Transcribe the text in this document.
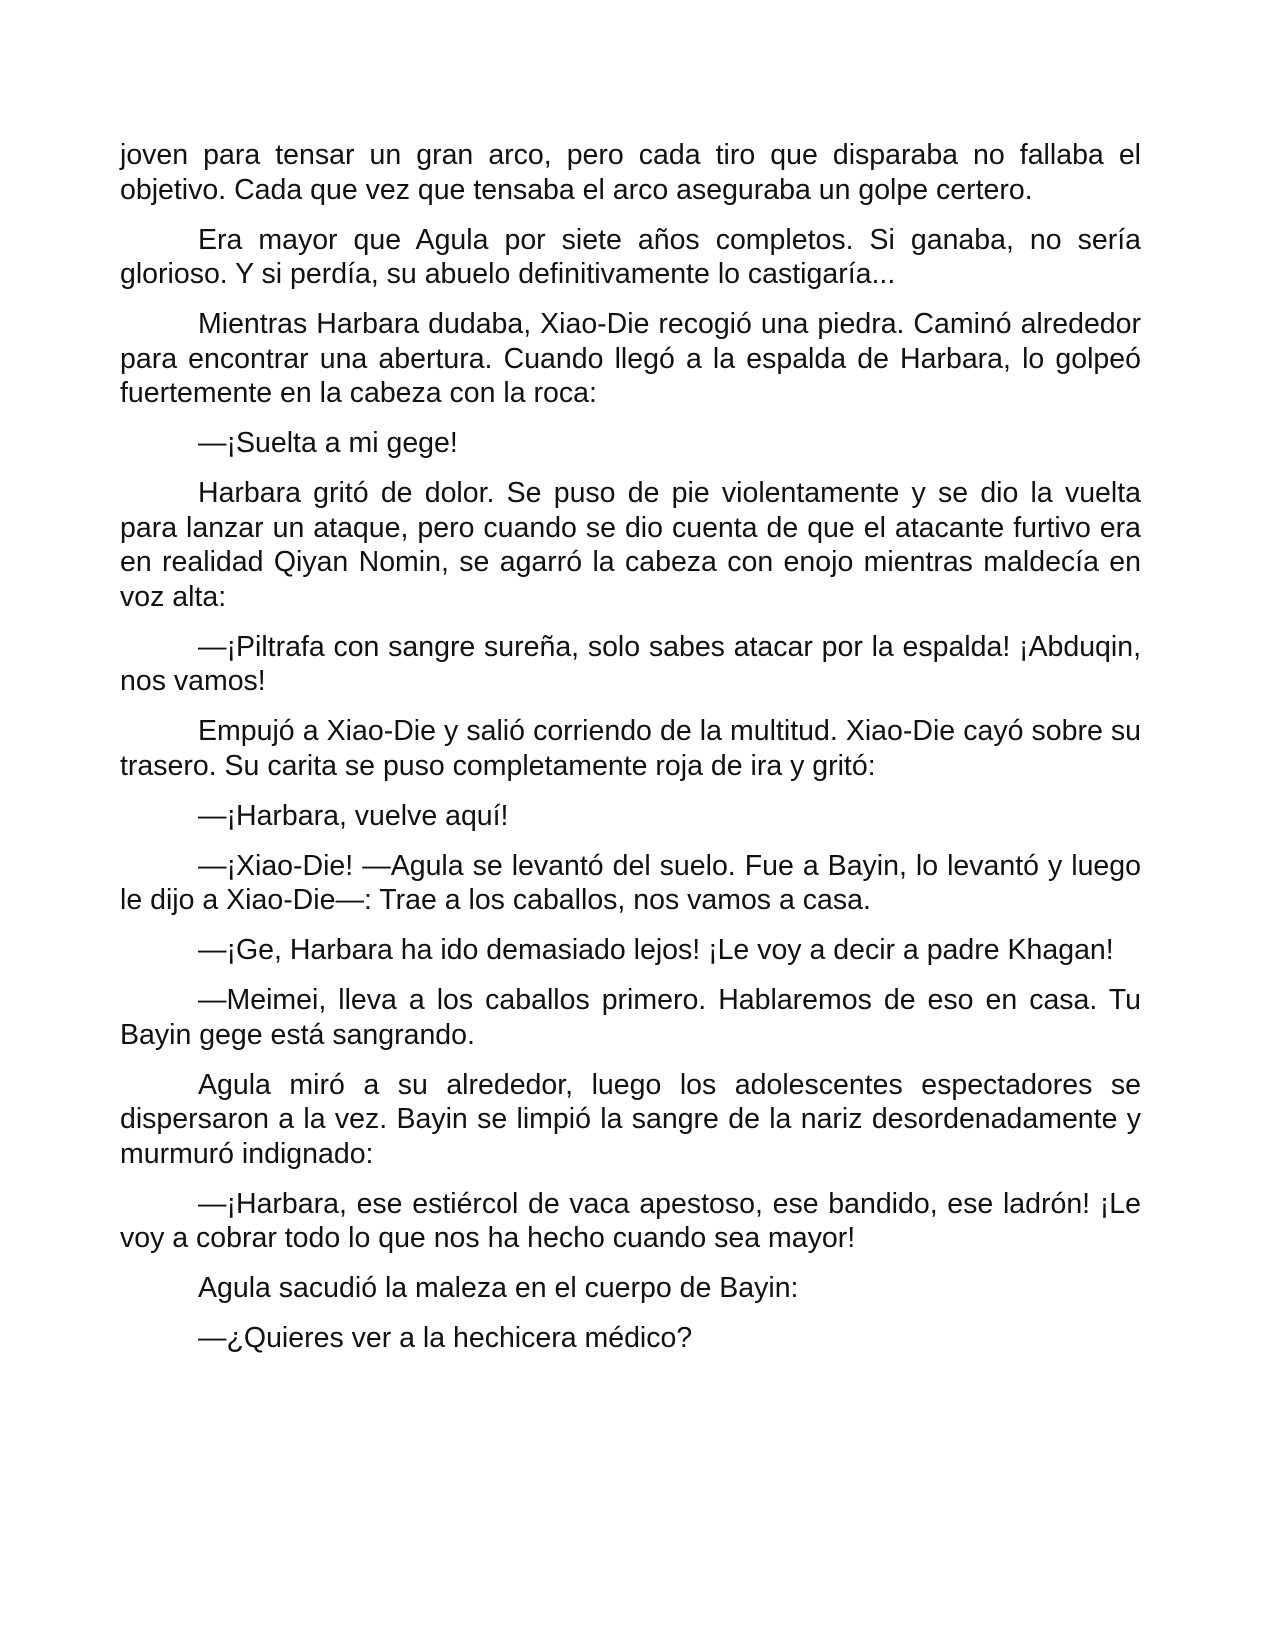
joven para tensar un gran arco, pero cada tiro que disparaba no fallaba el objetivo. Cada que vez que tensaba el arco aseguraba un golpe certero.

Era mayor que Agula por siete años completos. Si ganaba, no sería glorioso. Y si perdía, su abuelo definitivamente lo castigaría...

Mientras Harbara dudaba, Xiao-Die recogió una piedra. Caminó alrededor para encontrar una abertura. Cuando llegó a la espalda de Harbara, lo golpeó fuertemente en la cabeza con la roca:

—¡Suelta a mi gege!

Harbara gritó de dolor. Se puso de pie violentamente y se dio la vuelta para lanzar un ataque, pero cuando se dio cuenta de que el atacante furtivo era en realidad Qiyan Nomin, se agarró la cabeza con enojo mientras maldecía en voz alta:

—¡Piltrafa con sangre sureña, solo sabes atacar por la espalda! ¡Abduqin, nos vamos!

Empujó a Xiao-Die y salió corriendo de la multitud. Xiao-Die cayó sobre su trasero. Su carita se puso completamente roja de ira y gritó:

—¡Harbara, vuelve aquí!

—¡Xiao-Die! —Agula se levantó del suelo. Fue a Bayin, lo levantó y luego le dijo a Xiao-Die—: Trae a los caballos, nos vamos a casa.

—¡Ge, Harbara ha ido demasiado lejos! ¡Le voy a decir a padre Khagan!

—Meimei, lleva a los caballos primero. Hablaremos de eso en casa. Tu Bayin gege está sangrando.

Agula miró a su alrededor, luego los adolescentes espectadores se dispersaron a la vez. Bayin se limpió la sangre de la nariz desordenadamente y murmuró indignado:

—¡Harbara, ese estiércol de vaca apestoso, ese bandido, ese ladrón! ¡Le voy a cobrar todo lo que nos ha hecho cuando sea mayor!

Agula sacudió la maleza en el cuerpo de Bayin:

—¿Quieres ver a la hechicera médico?
